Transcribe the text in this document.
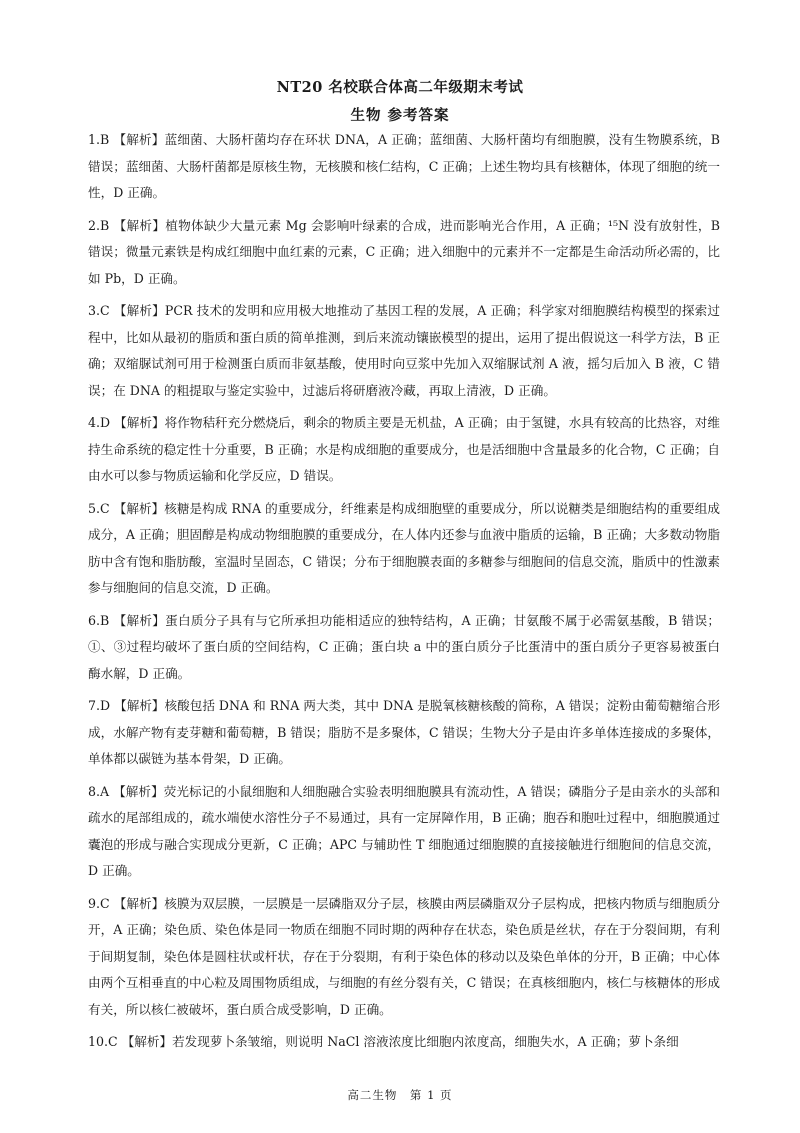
NT20 名校联合体高二年级期末考试
生物 参考答案

1.B 【解析】蓝细菌、大肠杆菌均存在环状 DNA，A 正确；蓝细菌、大肠杆菌均有细胞膜，没有生物膜系统，B 错误；蓝细菌、大肠杆菌都是原核生物，无核膜和核仁结构，C 正确；上述生物均具有核糖体，体现了细胞的统一性，D 正确。

2.B 【解析】植物体缺少大量元素 Mg 会影响叶绿素的合成，进而影响光合作用，A 正确；¹⁵N 没有放射性，B 错误；微量元素铁是构成红细胞中血红素的元素，C 正确；进入细胞中的元素并不一定都是生命活动所必需的，比如 Pb，D 正确。

3.C 【解析】PCR 技术的发明和应用极大地推动了基因工程的发展，A 正确；科学家对细胞膜结构模型的探索过程中，比如从最初的脂质和蛋白质的简单推测，到后来流动镶嵌模型的提出，运用了提出假说这一科学方法，B 正确；双缩脲试剂可用于检测蛋白质而非氨基酸，使用时向豆浆中先加入双缩脲试剂 A 液，摇匀后加入 B 液，C 错误；在 DNA 的粗提取与鉴定实验中，过滤后将研磨液冷藏，再取上清液，D 正确。

4.D 【解析】将作物秸秆充分燃烧后，剩余的物质主要是无机盐，A 正确；由于氢键，水具有较高的比热容，对维持生命系统的稳定性十分重要，B 正确；水是构成细胞的重要成分，也是活细胞中含量最多的化合物，C 正确；自由水可以参与物质运输和化学反应，D 错误。

5.C 【解析】核糖是构成 RNA 的重要成分，纤维素是构成细胞壁的重要成分，所以说糖类是细胞结构的重要组成成分，A 正确；胆固醇是构成动物细胞膜的重要成分，在人体内还参与血液中脂质的运输，B 正确；大多数动物脂肪中含有饱和脂肪酸，室温时呈固态，C 错误；分布于细胞膜表面的多糖参与细胞间的信息交流，脂质中的性激素参与细胞间的信息交流，D 正确。

6.B 【解析】蛋白质分子具有与它所承担功能相适应的独特结构，A 正确；甘氨酸不属于必需氨基酸，B 错误；①、③过程均破坏了蛋白质的空间结构，C 正确；蛋白块 a 中的蛋白质分子比蛋清中的蛋白质分子更容易被蛋白酶水解，D 正确。

7.D 【解析】核酸包括 DNA 和 RNA 两大类，其中 DNA 是脱氧核糖核酸的简称，A 错误；淀粉由葡萄糖缩合形成，水解产物有麦芽糖和葡萄糖，B 错误；脂肪不是多聚体，C 错误；生物大分子是由许多单体连接成的多聚体，单体都以碳链为基本骨架，D 正确。

8.A 【解析】荧光标记的小鼠细胞和人细胞融合实验表明细胞膜具有流动性，A 错误；磷脂分子是由亲水的头部和疏水的尾部组成的，疏水端使水溶性分子不易通过，具有一定屏障作用，B 正确；胞吞和胞吐过程中，细胞膜通过囊泡的形成与融合实现成分更新，C 正确；APC 与辅助性 T 细胞通过细胞膜的直接接触进行细胞间的信息交流，D 正确。

9.C 【解析】核膜为双层膜，一层膜是一层磷脂双分子层，核膜由两层磷脂双分子层构成，把核内物质与细胞质分开，A 正确；染色质、染色体是同一物质在细胞不同时期的两种存在状态，染色质是丝状，存在于分裂间期，有利于间期复制，染色体是圆柱状或杆状，存在于分裂期，有利于染色体的移动以及染色单体的分开，B 正确；中心体由两个互相垂直的中心粒及周围物质组成，与细胞的有丝分裂有关，C 错误；在真核细胞内，核仁与核糖体的形成有关，所以核仁被破坏，蛋白质合成受影响，D 正确。

10.C 【解析】若发现萝卜条皱缩，则说明 NaCl 溶液浓度比细胞内浓度高，细胞失水，A 正确；萝卜条细

高二生物　第 1 页
